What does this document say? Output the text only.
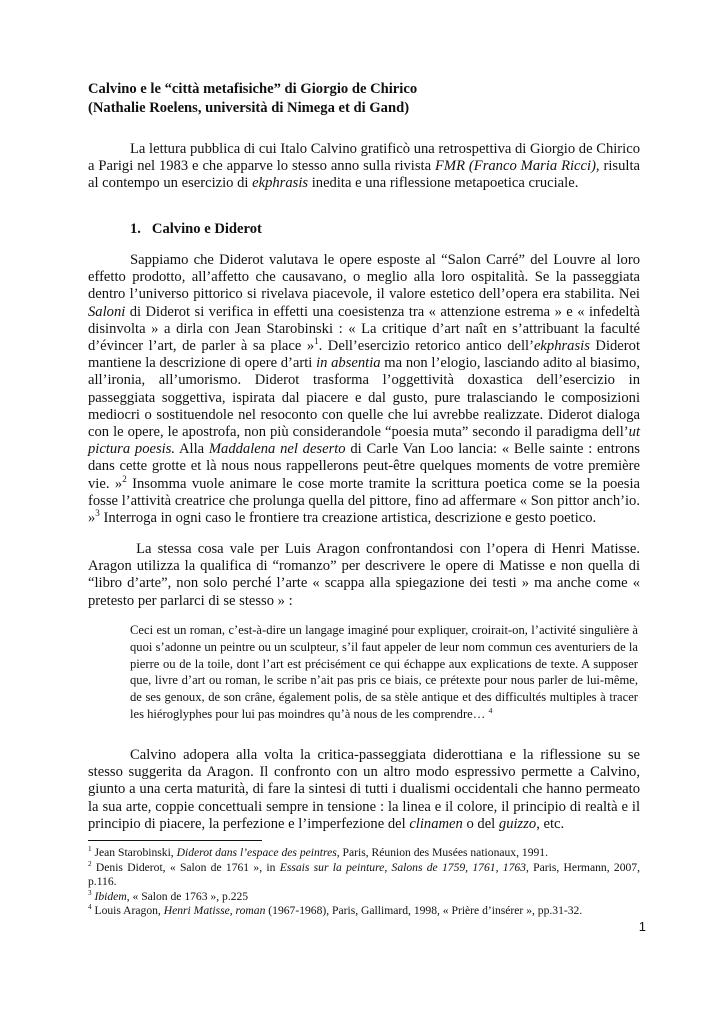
Calvino e le “città metafisiche” di Giorgio de Chirico
(Nathalie Roelens, università di Nimega et di Gand)
La lettura pubblica di cui Italo Calvino gratificò una retrospettiva di Giorgio de Chirico a Parigi nel 1983 e che apparve lo stesso anno sulla rivista FMR (Franco Maria Ricci), risulta al contempo un esercizio di ekphrasis inedita e una riflessione metapoetica cruciale.
1. Calvino e Diderot
Sappiamo che Diderot valutava le opere esposte al “Salon Carré” del Louvre al loro effetto prodotto, all’affetto che causavano, o meglio alla loro ospitalità. Se la passeggiata dentro l’universo pittorico si rivelava piacevole, il valore estetico dell’opera era stabilita. Nei Saloni di Diderot si verifica in effetti una coesistenza tra « attenzione estrema » e « infedeltà disinvolta » a dirla con Jean Starobinski : « La critique d’art naît en s’attribuant la faculté d’évincer l’art, de parler à sa place »$^1$. Dell’esercizio retorico antico dell’ekphrasis Diderot mantiene la descrizione di opere d’arti in absentia ma non l’elogio, lasciando adito al biasimo, all’ironia, all’umorismo. Diderot trasforma l’oggettività doxastica dell’esercizio in passeggiata soggettiva, ispirata dal piacere e dal gusto, pure tralasciando le composizioni mediocri o sostituendole nel resoconto con quelle che lui avrebbe realizzate. Diderot dialoga con le opere, le apostrofa, non più considerandole “poesia muta” secondo il paradigma dell’ut pictura poesis. Alla Maddalena nel deserto di Carle Van Loo lancia: « Belle sainte : entrons dans cette grotte et là nous nous rappellerons peut-être quelques moments de votre première vie. »$^2$ Insomma vuole animare le cose morte tramite la scrittura poetica come se la poesia fosse l’attività creatrice che prolunga quella del pittore, fino ad affermare « Son pittor anch’io. »$^3$ Interroga in ogni caso le frontiere tra creazione artistica, descrizione e gesto poetico.
La stessa cosa vale per Luis Aragon confrontandosi con l’opera di Henri Matisse. Aragon utilizza la qualifica di “romanzo” per descrivere le opere di Matisse e non quella di “libro d’arte”, non solo perché l’arte « scappa alla spiegazione dei testi » ma anche come « pretesto per parlarci di se stesso » :
Ceci est un roman, c’est-à-dire un langage imaginé pour expliquer, croirait-on, l’activité singulière à quoi s’adonne un peintre ou un sculpteur, s’il faut appeler de leur nom commun ces aventuriers de la pierre ou de la toile, dont l’art est précisément ce qui échappe aux explications de texte. A supposer que, livre d’art ou roman, le scribe n’ait pas pris ce biais, ce prétexte pour nous parler de lui-même, de ses genoux, de son crâne, également polis, de sa stèle antique et des difficultés multiples à tracer les hiéroglyphes pour lui pas moindres qu’à nous de les comprendre… $^4$
Calvino adopera alla volta la critica-passeggiata diderottiana e la riflessione su se stesso suggerita da Aragon. Il confronto con un altro modo espressivo permette a Calvino, giunto a una certa maturità, di fare la sintesi di tutti i dualismi occidentali che hanno permeato la sua arte, coppie concettuali sempre in tensione : la linea e il colore, il principio di realtà e il principio di piacere, la perfezione e l’imperfezione del clinamen o del guizzo, etc.

$^1$ Jean Starobinski, Diderot dans l’espace des peintres, Paris, Réunion des Musées nationaux, 1991.

$^2$ Denis Diderot, « Salon de 1761 », in Essais sur la peinture, Salons de 1759, 1761, 1763, Paris, Hermann, 2007, p.116.

$^3$ Ibidem, « Salon de 1763 », p.225

$^4$ Louis Aragon, Henri Matisse, roman (1967-1968), Paris, Gallimard, 1998, « Prière d’insérer », pp.31-32.

1
